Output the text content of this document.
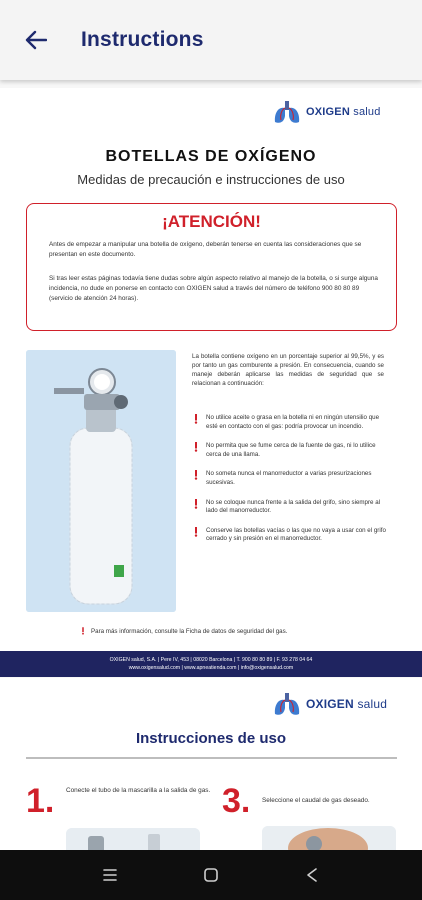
Instructions
OXIGEN salud
BOTELLAS DE OXÍGENO
Medidas de precaución e instrucciones de uso
¡ATENCIÓN!
Antes de empezar a manipular una botella de oxígeno, deberán tenerse en cuenta las consideraciones que se presentan en este documento.
Si tras leer estas páginas todavía tiene dudas sobre algún aspecto relativo al manejo de la botella, o si surge alguna incidencia, no dude en ponerse en contacto con OXIGEN salud a través del número de teléfono 900 80 80 89 (servicio de atención 24 horas).
La botella contiene oxígeno en un porcentaje superior al 99,5%, y es por tanto un gas comburente a presión. En consecuencia, cuando se maneje deberán aplicarse las medidas de seguridad que se relacionan a continuación:
No utilice aceite o grasa en la botella ni en ningún utensilio que esté en contacto con el gas: podría provocar un incendio.
No permita que se fume cerca de la fuente de gas, ni lo utilice cerca de una llama.
No someta nunca el manorreductor a varias presurizaciones sucesivas.
No se coloque nunca frente a la salida del grifo, sino siempre al lado del manorreductor.
Conserve las botellas vacías o las que no vaya a usar con el grifo cerrado y sin presión en el manorreductor.
Para más información, consulte la Ficha de datos de seguridad del gas.
OXIGEN salud, S.A. | Pere IV, 453 | 08020 Barcelona | T. 900 80 80 89 | F. 93 278 04 64
www.oxigensalud.com | www.apneatienda.com | info@oxigensalud.com
OXIGEN salud
Instrucciones de uso
1. Conecte el tubo de la mascarilla a la salida de gas. 3. Seleccione el caudal de gas deseado.
